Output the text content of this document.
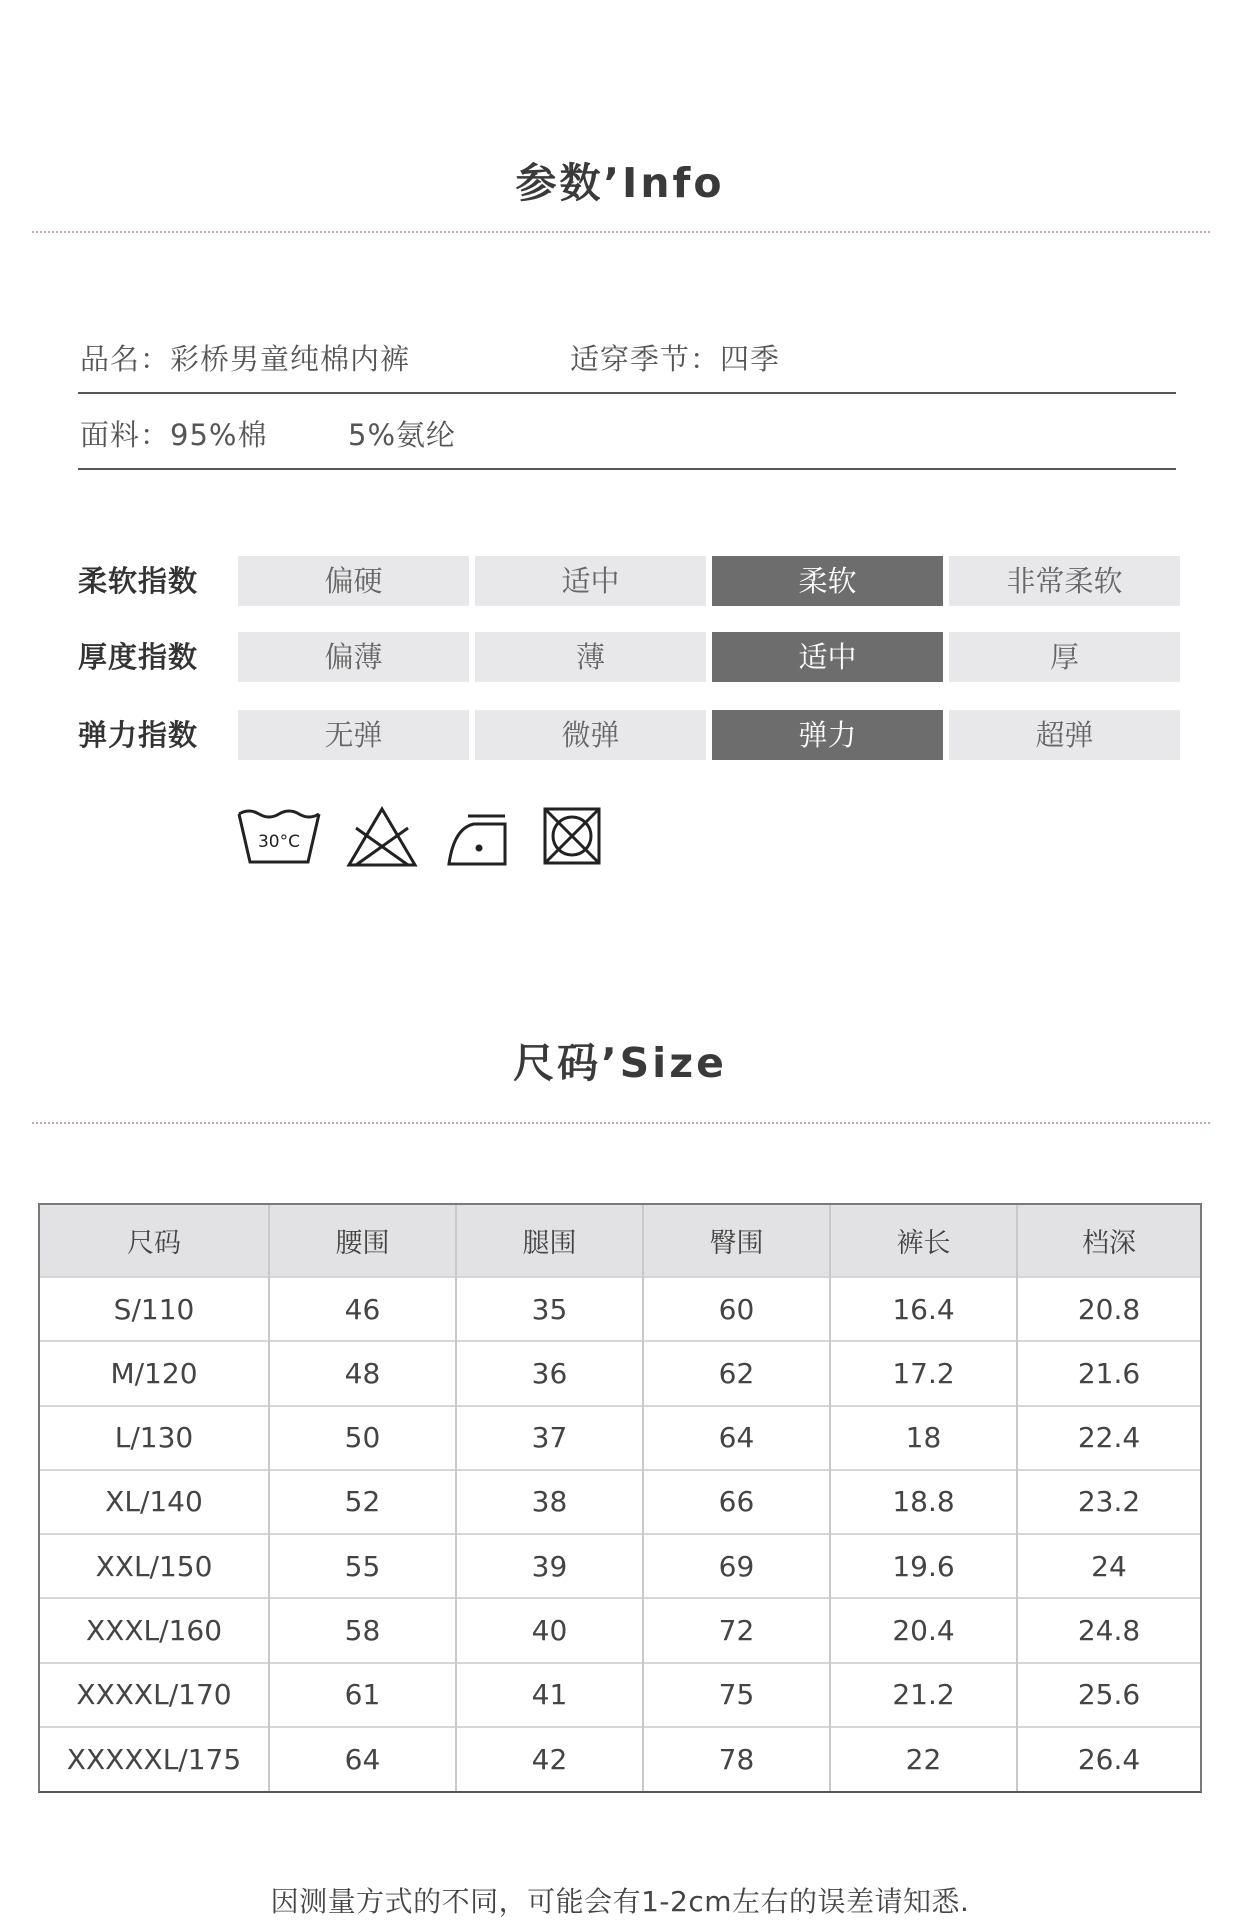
参数’Info
品名：彩桥男童纯棉内裤	适穿季节：四季
面料：95%棉	5%氨纶
柔软指数	偏硬	适中	柔软	非常柔软
厚度指数	偏薄	薄	适中	厚
弹力指数	无弹	微弹	弹力	超弹
30°C
尺码’Size
尺码	腰围	腿围	臀围	裤长	档深
S/110	46	35	60	16.4	20.8
M/120	48	36	62	17.2	21.6
L/130	50	37	64	18	22.4
XL/140	52	38	66	18.8	23.2
XXL/150	55	39	69	19.6	24
XXXL/160	58	40	72	20.4	24.8
XXXXL/170	61	41	75	21.2	25.6
XXXXXL/175	64	42	78	22	26.4
因测量方式的不同，可能会有1-2cm左右的误差请知悉.
